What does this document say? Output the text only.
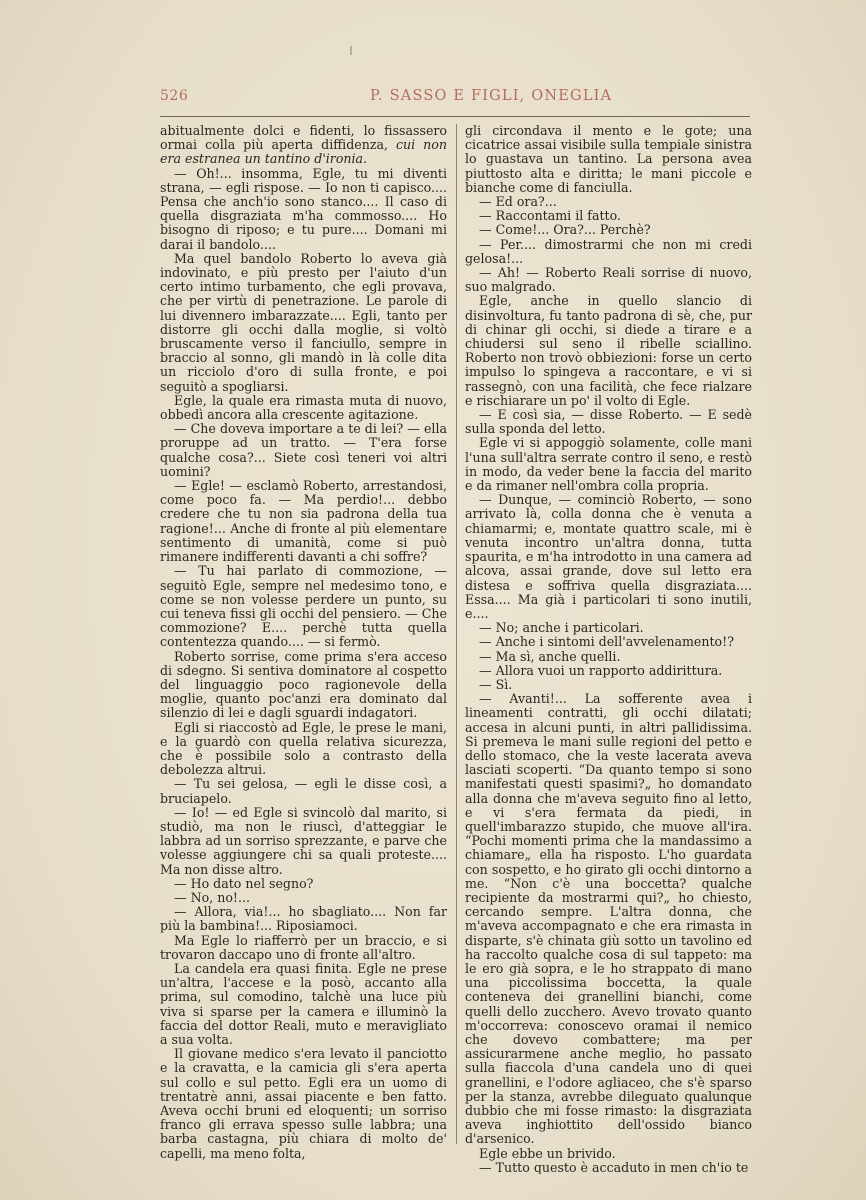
526	P. SASSO E FIGLI, ONEGLIA

abitualmente dolci e fidenti, lo fissassero ormai colla più aperta diffidenza, cui non era estranea un tantino d'ironia.

— Oh!... insomma, Egle, tu mi diventi strana, — egli rispose. — Io non ti capisco.... Pensa che anch'io sono stanco.... Il caso di quella disgraziata m'ha commosso.... Ho bisogno di riposo; e tu pure.... Domani mi darai il bandolo....

Ma quel bandolo Roberto lo aveva già indovinato, e più presto per l'aiuto d'un certo intimo turbamento, che egli provava, che per virtù di penetrazione. Le parole di lui divennero imbarazzate.... Egli, tanto per distorre gli occhi dalla moglie, si voltò bruscamente verso il fanciullo, sempre in braccio al sonno, gli mandò in là colle dita un ricciolo d'oro di sulla fronte, e poi seguitò a spogliarsi.

Egle, la quale era rimasta muta di nuovo, obbedì ancora alla crescente agitazione.

— Che doveva importare a te di lei? — ella proruppe ad un tratto. — T'era forse qualche cosa?... Siete così teneri voi altri uomini?

— Egle! — esclamò Roberto, arrestandosi, come poco fa. — Ma perdio!... debbo credere che tu non sia padrona della tua ragione!... Anche di fronte al più elementare sentimento di umanità, come si può rimanere indifferenti davanti a chi soffre?

— Tu hai parlato di commozione, — seguitò Egle, sempre nel medesimo tono, e come se non volesse perdere un punto, su cui teneva fissi gli occhi del pensiero. — Che commozione? E.... perchè tutta quella contentezza quando.... — si fermò.

Roberto sorrise, come prima s'era acceso di sdegno. Si sentiva dominatore al cospetto del linguaggio poco ragionevole della moglie, quanto poc'anzi era dominato dal silenzio di lei e dagli sguardi indagatori.

Egli si riaccostò ad Egle, le prese le mani, e la guardò con quella relativa sicurezza, che è possibile solo a contrasto della debolezza altrui.

— Tu sei gelosa, — egli le disse così, a bruciapelo.

— Io! — ed Egle si svincolò dal marito, si studiò, ma non le riuscì, d'atteggiar le labbra ad un sorriso sprezzante, e parve che volesse aggiungere chi sa quali proteste.... Ma non disse altro.

— Ho dato nel segno?

— No, no!...

— Allora, via!... ho sbagliato.... Non far più la bambina!... Riposiamoci.

Ma Egle lo riafferrò per un braccio, e si trovaron daccapo uno di fronte all'altro.

La candela era quasi finita. Egle ne prese un'altra, l'accese e la posò, accanto alla prima, sul comodino, talchè una luce più viva si sparse per la camera e illuminò la faccia del dottor Reali, muto e meravigliato a sua volta.

Il giovane medico s'era levato il panciotto e la cravatta, e la camicia gli s'era aperta sul collo e sul petto. Egli era un uomo di trentatrè anni, assai piacente e ben fatto. Aveva occhi bruni ed eloquenti; un sorriso franco gli errava spesso sulle labbra; una barba castagna, più chiara di molto de' capelli, ma meno folta,

gli circondava il mento e le gote; una cicatrice assai visibile sulla tempiale sinistra lo guastava un tantino. La persona avea piuttosto alta e diritta; le mani piccole e bianche come di fanciulla.

— Ed ora?...

— Raccontami il fatto.

— Come!... Ora?... Perchè?

— Per.... dimostrarmi che non mi credi gelosa!...

— Ah! — Roberto Reali sorrise di nuovo, suo malgrado.

Egle, anche in quello slancio di disinvoltura, fu tanto padrona di sè, che, pur di chinar gli occhi, si diede a tirare e a chiudersi sul seno il ribelle sciallino. Roberto non trovò obbiezioni: forse un certo impulso lo spingeva a raccontare, e vi si rassegnò, con una facilità, che fece rialzare e rischiarare un po' il volto di Egle.

— E così sia, — disse Roberto. — E sedè sulla sponda del letto.

Egle vi si appoggiò solamente, colle mani l'una sull'altra serrate contro il seno, e restò in modo, da veder bene la faccia del marito e da rimaner nell'ombra colla propria.

— Dunque, — cominciò Roberto, — sono arrivato là, colla donna che è venuta a chiamarmi; e, montate quattro scale, mi è venuta incontro un'altra donna, tutta spaurita, e m'ha introdotto in una camera ad alcova, assai grande, dove sul letto era distesa e soffriva quella disgraziata.... Essa.... Ma già i particolari ti sono inutili, e....

— No; anche i particolari.

— Anche i sintomi dell'avvelenamento!?

— Ma sì, anche quelli.

— Allora vuoi un rapporto addirittura.

— Sì.

— Avanti!... La sofferente avea i lineamenti contratti, gli occhi dilatati; accesa in alcuni punti, in altri pallidissima. Si premeva le mani sulle regioni del petto e dello stomaco, che la veste lacerata aveva lasciati scoperti. “Da quanto tempo si sono manifestati questi spasimi?„ ho domandato alla donna che m'aveva seguito fino al letto, e vi s'era fermata da piedi, in quell'imbarazzo stupido, che muove all'ira. “Pochi momenti prima che la mandassimo a chiamare„ ella ha risposto. L'ho guardata con sospetto, e ho girato gli occhi dintorno a me. “Non c'è una boccetta? qualche recipiente da mostrarmi qui?„ ho chiesto, cercando sempre. L'altra donna, che m'aveva accompagnato e che era rimasta in disparte, s'è chinata giù sotto un tavolino ed ha raccolto qualche cosa di sul tappeto: ma le ero già sopra, e le ho strappato di mano una piccolissima boccetta, la quale conteneva dei granellini bianchi, come quelli dello zucchero. Avevo trovato quanto m'occorreva: conoscevo oramai il nemico che dovevo combattere; ma per assicurarmene anche meglio, ho passato sulla fiaccola d'una candela uno di quei granellini, e l'odore agliaceo, che s'è sparso per la stanza, avrebbe dileguato qualunque dubbio che mi fosse rimasto: la disgraziata aveva inghiottito dell'ossido bianco d'arsenico.

Egle ebbe un brivido.

— Tutto questo è accaduto in men ch'io te
